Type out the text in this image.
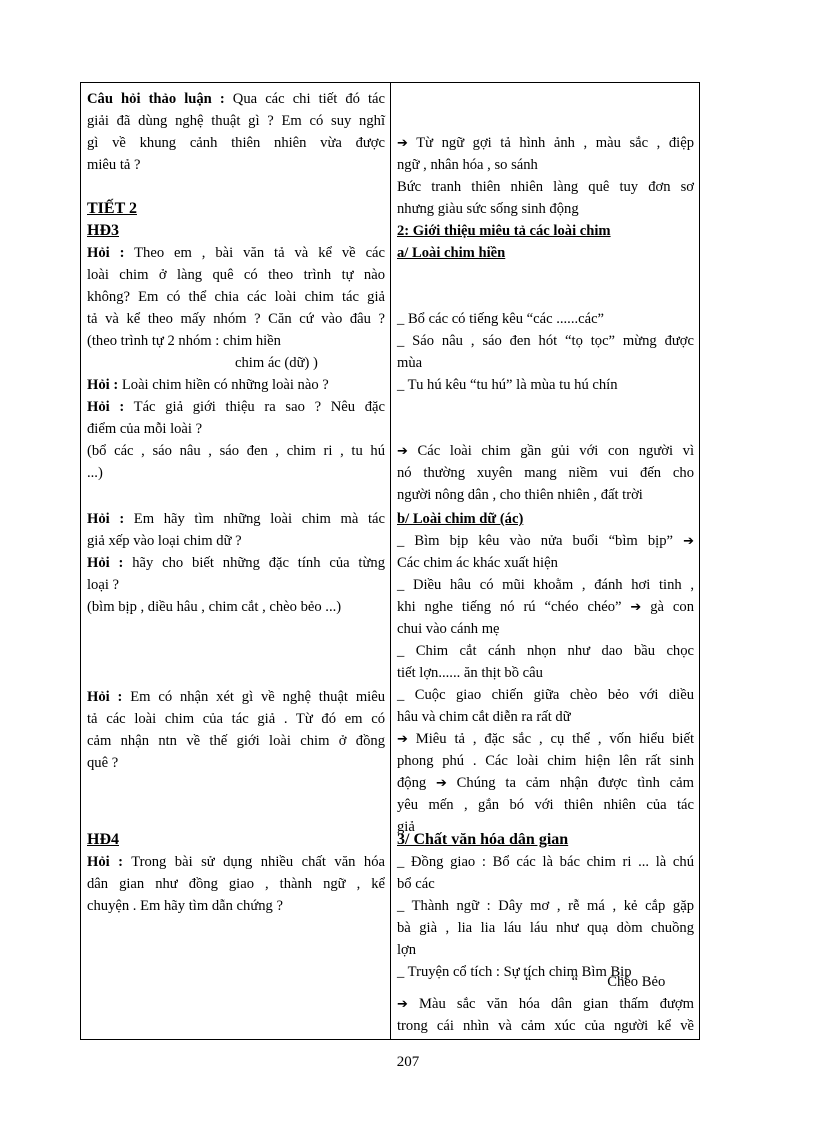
Câu hỏi thảo luận : Qua các chi tiết đó tác
giải đã dùng nghệ thuật gì ? Em có suy nghĩ
gì về khung cảnh thiên nhiên vừa được
miêu tả ?
TIẾT 2
HĐ3
Hỏi : Theo em , bài văn tả và kể về các
loài chim ở làng quê có theo trình tự nào
không? Em có thể chia các loài chim tác giả
tả và kể theo mấy nhóm ? Căn cứ vào đâu ?
(theo trình tự 2 nhóm : chim hiền
chim ác (dữ) )
Hỏi : Loài chim hiền có những loài nào ?
Hỏi : Tác giả giới thiệu ra sao ? Nêu đặc
điểm của mỗi loài ?
(bổ các , sáo nâu , sáo đen , chim ri , tu hú
...)
Hỏi : Em hãy tìm những loài chim mà tác
giả xếp vào loại chim dữ ?
Hỏi : hãy cho biết những đặc tính của từng
loại ?
(bìm bịp , diều hâu , chim cắt , chèo bẻo ...)
Hỏi : Em có nhận xét gì về nghệ thuật miêu
tả các loài chim của tác giả . Từ đó em có
cảm nhận ntn về thế giới loài chim ở đồng
quê ?
HĐ4
Hỏi : Trong bài sử dụng nhiều chất văn hóa
dân gian như đồng giao , thành ngữ , kể
chuyện . Em hãy tìm dẫn chứng ?
➔ Từ ngữ gợi tả hình ảnh , màu sắc , điệp
ngữ , nhân hóa , so sánh
Bức tranh thiên nhiên làng quê tuy đơn sơ
nhưng giàu sức sống sinh động
2: Giới thiệu miêu tả các loài chim
a/ Loài chim hiền
_ Bổ các có tiếng kêu “các ......các”
_ Sáo nâu , sáo đen hót “tọ tọc” mừng được
mùa
_ Tu hú kêu “tu hú” là mùa tu hú chín
➔ Các loài chim gần gủi với con người vì
nó thường xuyên mang niềm vui đến cho
người nông dân , cho thiên nhiên , đất trời
b/ Loài chim dữ (ác)
_ Bìm bịp kêu vào nửa buổi “bìm bịp” ➔
Các chim ác khác xuất hiện
_ Diều hâu có mũi khoằm , đánh hơi tinh ,
khi nghe tiếng nó rú “chéo chéo” ➔ gà con
chui vào cánh mẹ
_ Chim cắt cánh nhọn như dao bầu chọc
tiết lợn...... ăn thịt bồ câu
_ Cuộc giao chiến giữa chèo bẻo với diều
hâu và chim cắt diễn ra rất dữ
➔ Miêu tả , đặc sắc , cụ thể , vốn hiểu biết
phong phú . Các loài chim hiện lên rất sinh
động ➔ Chúng ta cảm nhận được tình cảm
yêu mến , gắn bó với thiên nhiên của tác
giả
3/ Chất văn hóa dân gian
_ Đồng giao : Bổ các là bác chim ri ... là chú
bổ các
_ Thành ngữ : Dây mơ , rễ má , kẻ cắp gặp
bà già , lia lia láu láu như quạ dòm chuồng
lợn
_ Truyện cổ tích : Sự tích chim Bìm Bịp
“           “        Chèo Bẻo
➔ Màu sắc văn hóa dân gian thấm đượm
trong cái nhìn và cảm xúc của người kể về
207
